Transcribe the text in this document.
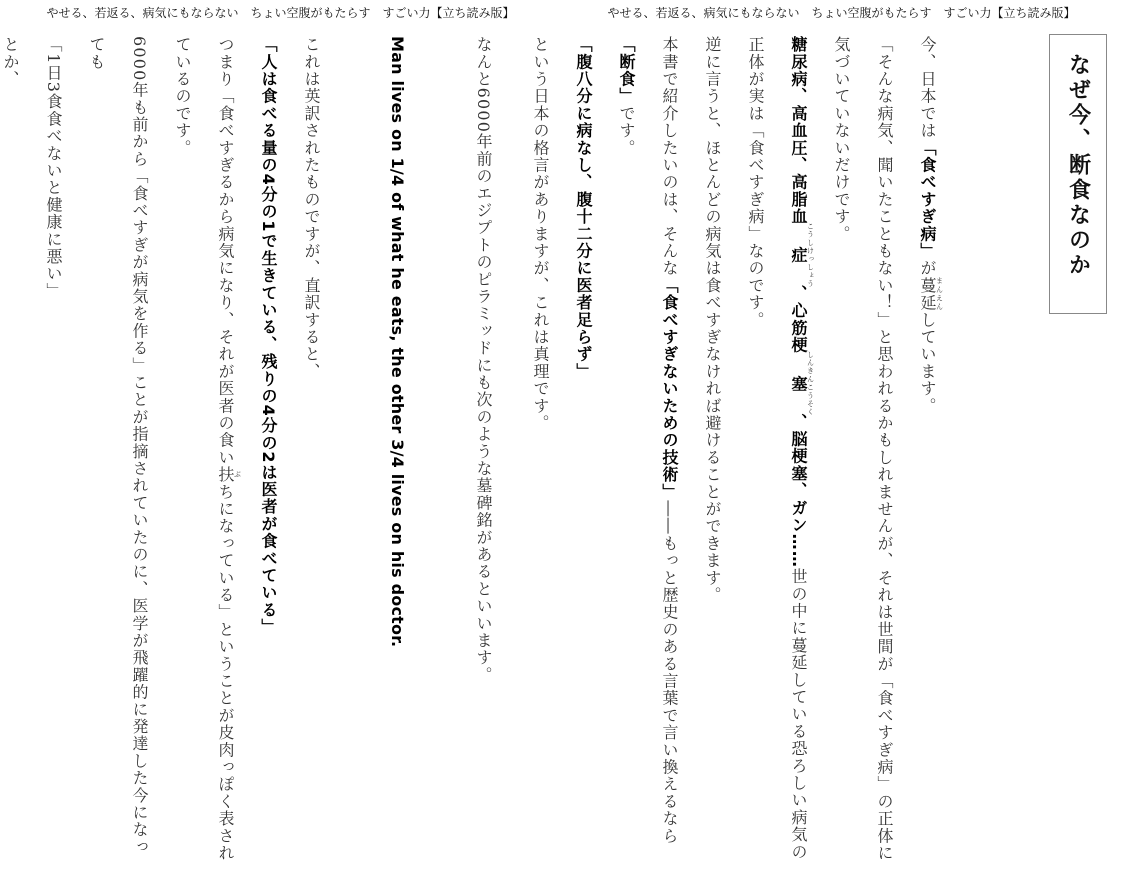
やせる、若返る、病気にもならない　ちょい空腹がもたらす　すごい力【立ち読み版】

なんと6000年前のエジプトのピラミッドにも次のような墓碑銘があるといいます。

Man lives on 1/4 of what he eats, the other 3/4 lives on his doctor.

これは英訳されたものですが、直訳すると、

「人は食べる量の4分の1で生きている、残りの4分の2は医者が食べている」

つまり「食べすぎるから病気になり、それが医者の食い扶ぶちになっている」ということが皮肉っぽく表されているのです。

6000年も前から「食べすぎが病気を作る」ことが指摘されていたのに、医学が飛躍的に発達した今になっても

「1日3食食べないと健康に悪い」

とか、

やせる、若返る、病気にもならない　ちょい空腹がもたらす　すごい力【立ち読み版】
なぜ今、断食なのか

今、日本では「食べすぎ病」が蔓延まんえんしています。

「そんな病気、聞いたこともない！」と思われるかもしれませんが、それは世間が「食べすぎ病」の正体に気づいていないだけです。

糖尿病、高血圧、高脂血症こうしけっしょう、心筋梗塞しんきんこうそく、脳梗塞、ガン……世の中に蔓延している恐ろしい病気の正体が実は「食べすぎ病」なのです。

逆に言うと、ほとんどの病気は食べすぎなければ避けることができます。

本書で紹介したいのは、そんな「食べすぎないための技術」――もっと歴史のある言葉で言い換えるなら「断食」です。

「腹八分に病なし、腹十二分に医者足らず」

という日本の格言がありますが、これは真理です。
